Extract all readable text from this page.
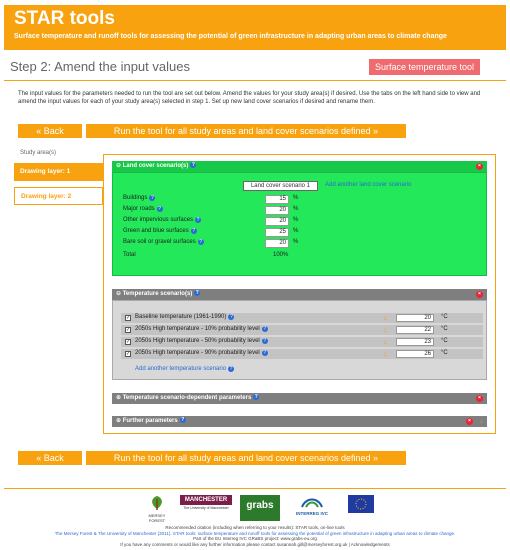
STAR tools
Surface temperature and runoff tools for assessing the potential of green infrastructure in adapting urban areas to climate change
Step 2: Amend the input values	Surface temperature tool
The input values for the parameters needed to run the tool are set out below. Amend the values for your study area(s) if desired. Use the tabs on the left hand side to view and amend the input values for each of your study area(s) selected in step 1. Set up new land cover scenarios if desired and rename them.
« Back	Run the tool for all study areas and land cover scenarios defined »
Study area(s)
Drawing layer: 1
Drawing layer: 2
⊖ Land cover scenario(s) ?	×
Land cover scenario 1	Add another land cover scenario
Buildings ?	15	%
Major roads ?	20	%
Other impervious surfaces ?	20	%
Green and blue surfaces ?	25	%
Bare soil or gravel surfaces ?	20	%
Total	100%
⊖ Temperature scenario(s) ?	×
✓ Baseline temperature (1961-1990) ?	↓	20	°C
✓ 2050s High temperature - 10% probability level ?	↓	22	°C
✓ 2050s High temperature - 50% probability level ?	↓	23	°C
✓ 2050s High temperature - 90% probability level ?	↓	26	°C
Add another temperature scenario ?
⊕ Temperature scenario-dependent parameters ?	×
⊕ Further parameters ?	× ↓
« Back	Run the tool for all study areas and land cover scenarios defined »
MERSEY FOREST
MANCHESTER
The University of Manchester	grabs
INTERREG IVC
Recommended citation (including when referring to your results): STAR tools, on-line tools
The Mersey Forest & The University of Manchester (2011). STAR tools: surface temperature and runoff tools for assessing the potential of green infrastructure in adapting urban areas to climate change.
Part of the EU Interreg IVC GRaBS project: www.grabs-eu.org
If you have any comments or would like any further information please contact susannah.gill@merseyforest.org.uk | Acknowledgements
